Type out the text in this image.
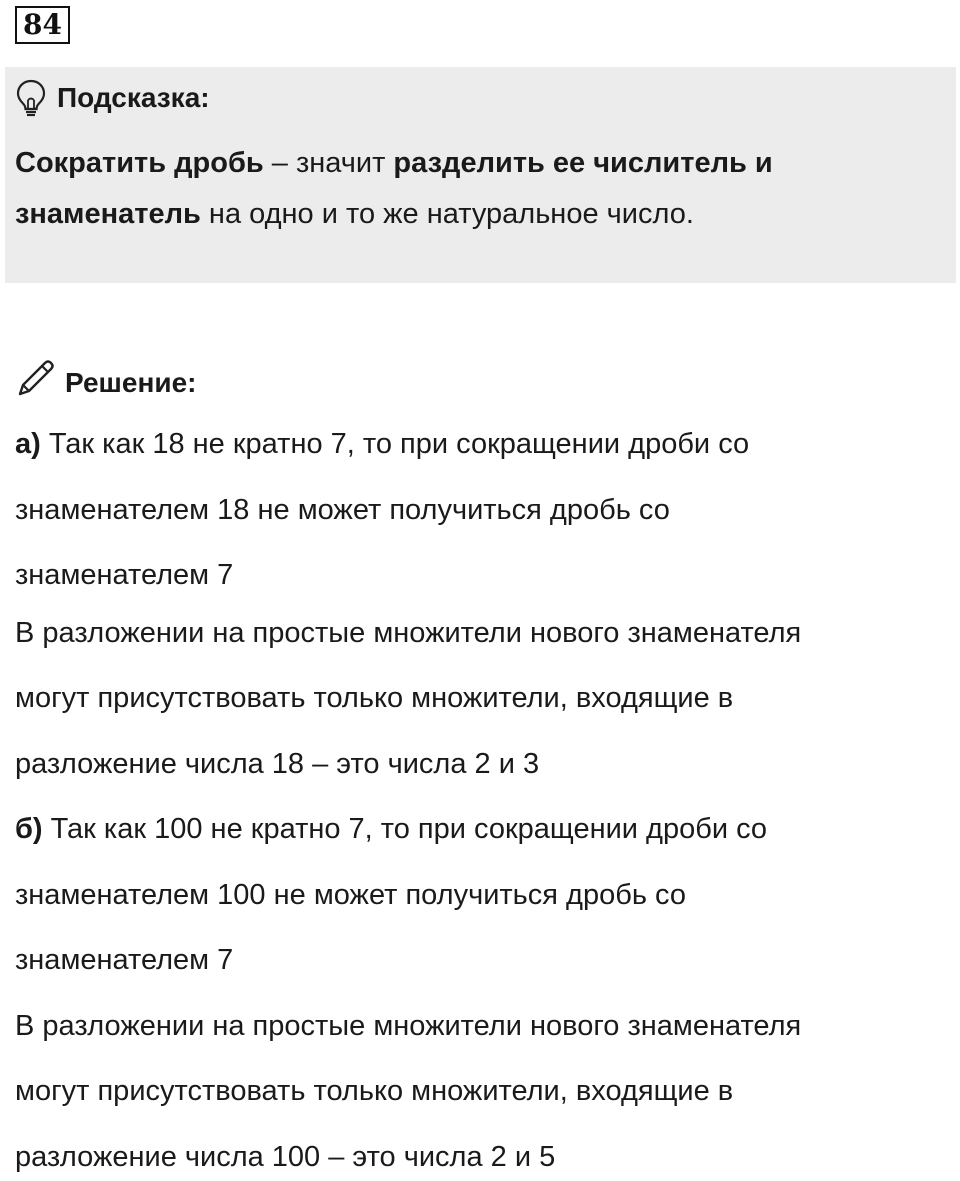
84
Подсказка:
Сократить дробь – значит разделить ее числитель и
знаменатель на одно и то же натуральное число.
Решение:
а) Так как 18 не кратно 7, то при сокращении дроби со
знаменателем 18 не может получиться дробь со
знаменателем 7
В разложении на простые множители нового знаменателя
могут присутствовать только множители, входящие в
разложение числа 18 – это числа 2 и 3
б) Так как 100 не кратно 7, то при сокращении дроби со
знаменателем 100 не может получиться дробь со
знаменателем 7
В разложении на простые множители нового знаменателя
могут присутствовать только множители, входящие в
разложение числа 100 – это числа 2 и 5
